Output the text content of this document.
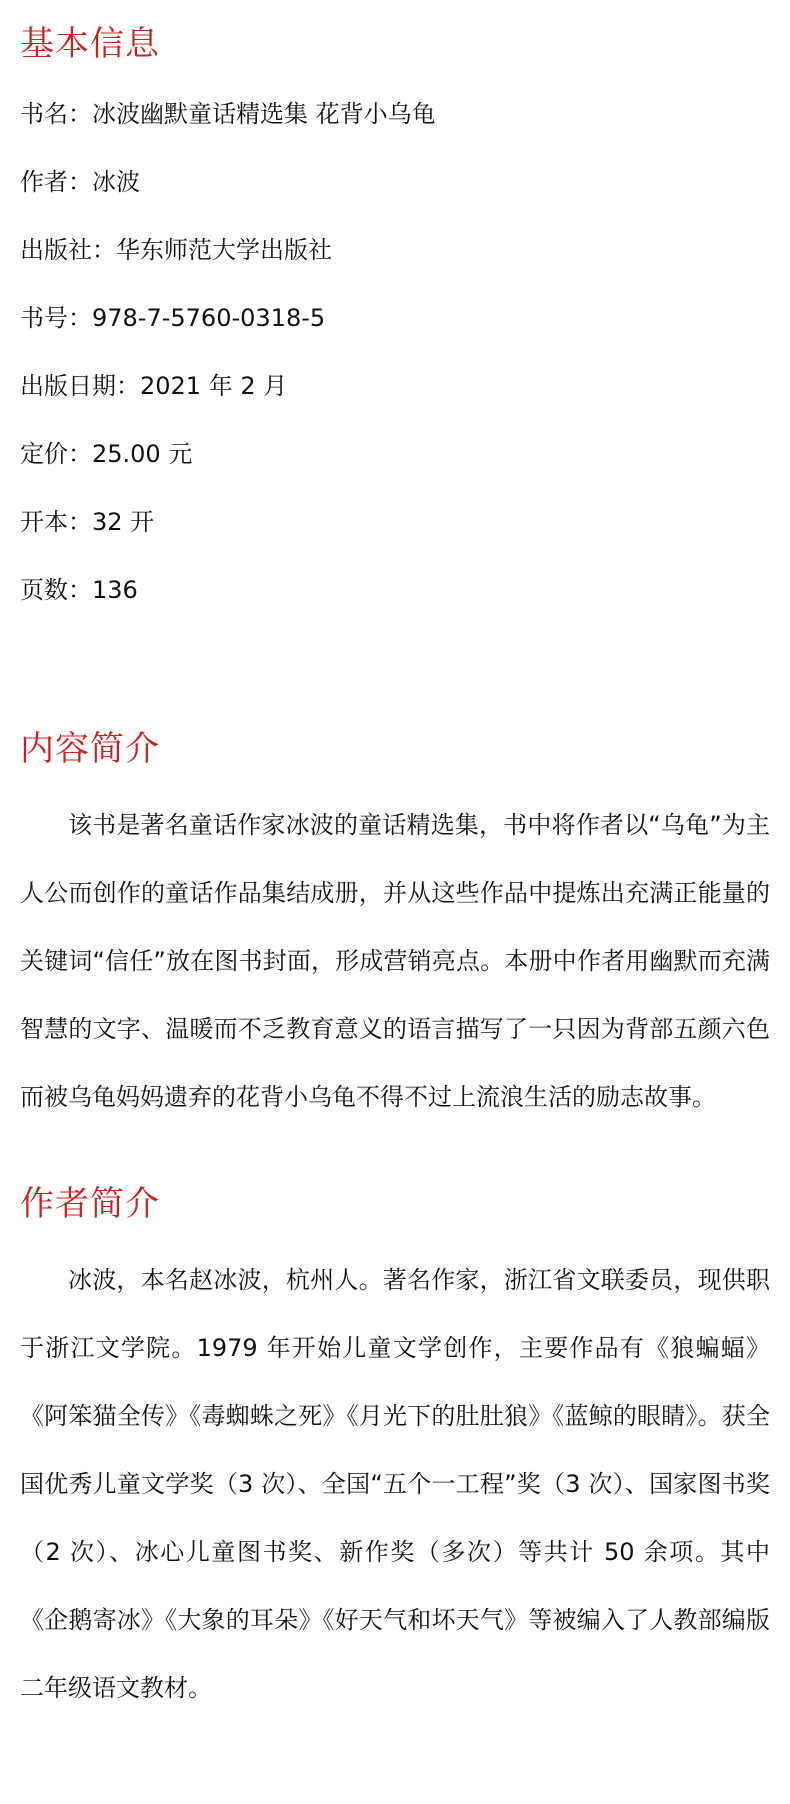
基本信息
书名：冰波幽默童话精选集 花背小乌龟
作者：冰波
出版社：华东师范大学出版社
书号：978-7-5760-0318-5
出版日期：2021 年 2 月
定价：25.00 元
开本：32 开
页数：136
内容简介

该书是著名童话作家冰波的童话精选集，书中将作者以“乌龟”为主人公而创作的童话作品集结成册，并从这些作品中提炼出充满正能量的关键词“信任”放在图书封面，形成营销亮点。本册中作者用幽默而充满智慧的文字、温暖而不乏教育意义的语言描写了一只因为背部五颜六色而被乌龟妈妈遗弃的花背小乌龟不得不过上流浪生活的励志故事。

作者简介

冰波，本名赵冰波，杭州人。著名作家，浙江省文联委员，现供职于浙江文学院。1979 年开始儿童文学创作，主要作品有《狼蝙蝠》《阿笨猫全传》《毒蜘蛛之死》《月光下的肚肚狼》《蓝鲸的眼睛》。获全国优秀儿童文学奖（3 次）、全国“五个一工程”奖（3 次）、国家图书奖（2 次）、冰心儿童图书奖、新作奖（多次）等共计 50 余项。其中《企鹅寄冰》《大象的耳朵》《好天气和坏天气》等被编入了人教部编版二年级语文教材。
